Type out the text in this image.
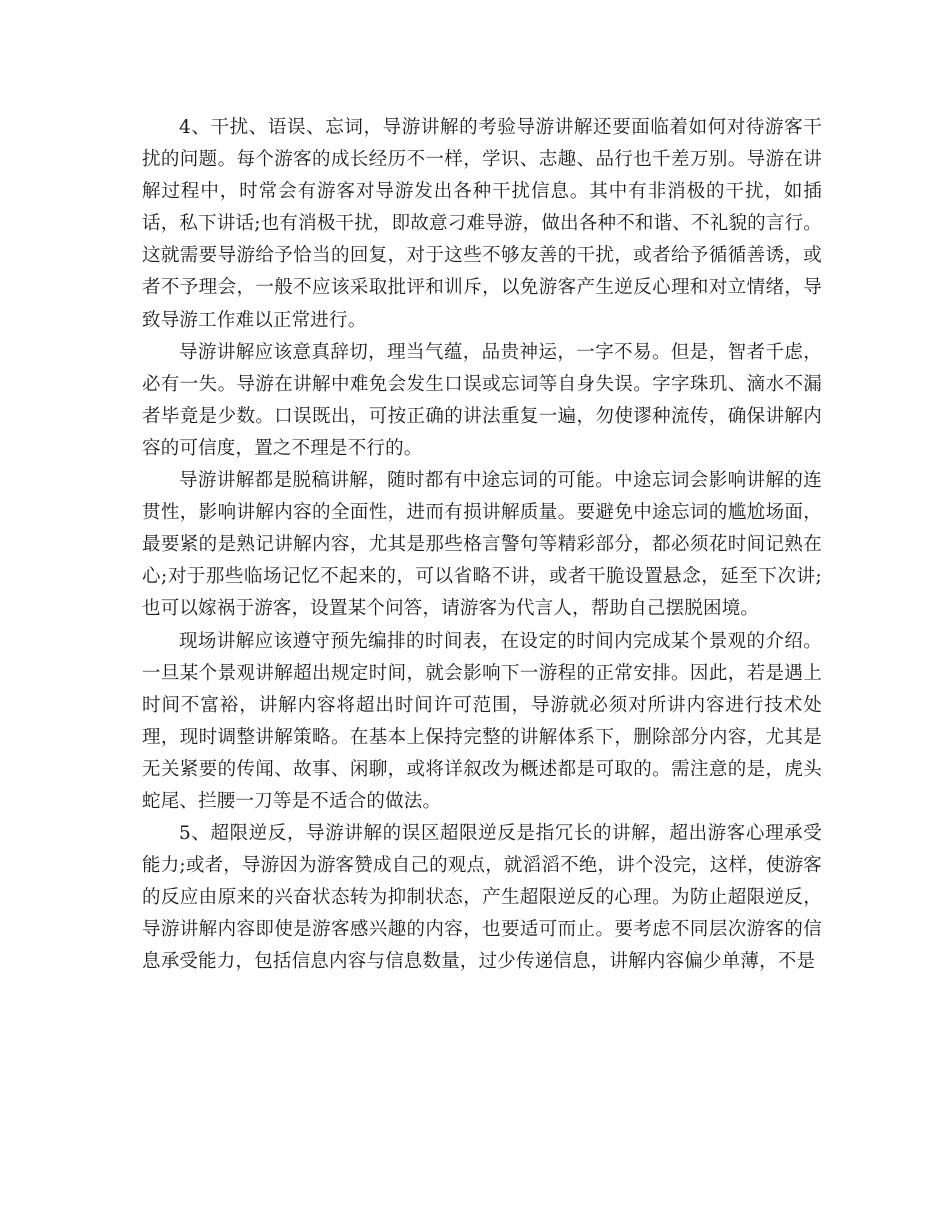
4、干扰、语误、忘词，导游讲解的考验导游讲解还要面临着如何对待游客干扰的问题。每个游客的成长经历不一样，学识、志趣、品行也千差万别。导游在讲解过程中，时常会有游客对导游发出各种干扰信息。其中有非消极的干扰，如插话，私下讲话;也有消极干扰，即故意刁难导游，做出各种不和谐、不礼貌的言行。这就需要导游给予恰当的回复，对于这些不够友善的干扰，或者给予循循善诱，或者不予理会，一般不应该采取批评和训斥，以免游客产生逆反心理和对立情绪，导致导游工作难以正常进行。

导游讲解应该意真辞切，理当气蕴，品贵神运，一字不易。但是，智者千虑，必有一失。导游在讲解中难免会发生口误或忘词等自身失误。字字珠玑、滴水不漏者毕竟是少数。口误既出，可按正确的讲法重复一遍，勿使谬种流传，确保讲解内容的可信度，置之不理是不行的。

导游讲解都是脱稿讲解，随时都有中途忘词的可能。中途忘词会影响讲解的连贯性，影响讲解内容的全面性，进而有损讲解质量。要避免中途忘词的尴尬场面，最要紧的是熟记讲解内容，尤其是那些格言警句等精彩部分，都必须花时间记熟在心;对于那些临场记忆不起来的，可以省略不讲，或者干脆设置悬念，延至下次讲;也可以嫁祸于游客，设置某个问答，请游客为代言人，帮助自己摆脱困境。

现场讲解应该遵守预先编排的时间表，在设定的时间内完成某个景观的介绍。一旦某个景观讲解超出规定时间，就会影响下一游程的正常安排。因此，若是遇上时间不富裕，讲解内容将超出时间许可范围，导游就必须对所讲内容进行技术处理，现时调整讲解策略。在基本上保持完整的讲解体系下，删除部分内容，尤其是无关紧要的传闻、故事、闲聊，或将详叙改为概述都是可取的。需注意的是，虎头蛇尾、拦腰一刀等是不适合的做法。

5、超限逆反，导游讲解的误区超限逆反是指冗长的讲解，超出游客心理承受能力;或者，导游因为游客赞成自己的观点，就滔滔不绝，讲个没完，这样，使游客的反应由原来的兴奋状态转为抑制状态，产生超限逆反的心理。为防止超限逆反，导游讲解内容即使是游客感兴趣的内容，也要适可而止。要考虑不同层次游客的信息承受能力，包括信息内容与信息数量，过少传递信息，讲解内容偏少单薄，不是
